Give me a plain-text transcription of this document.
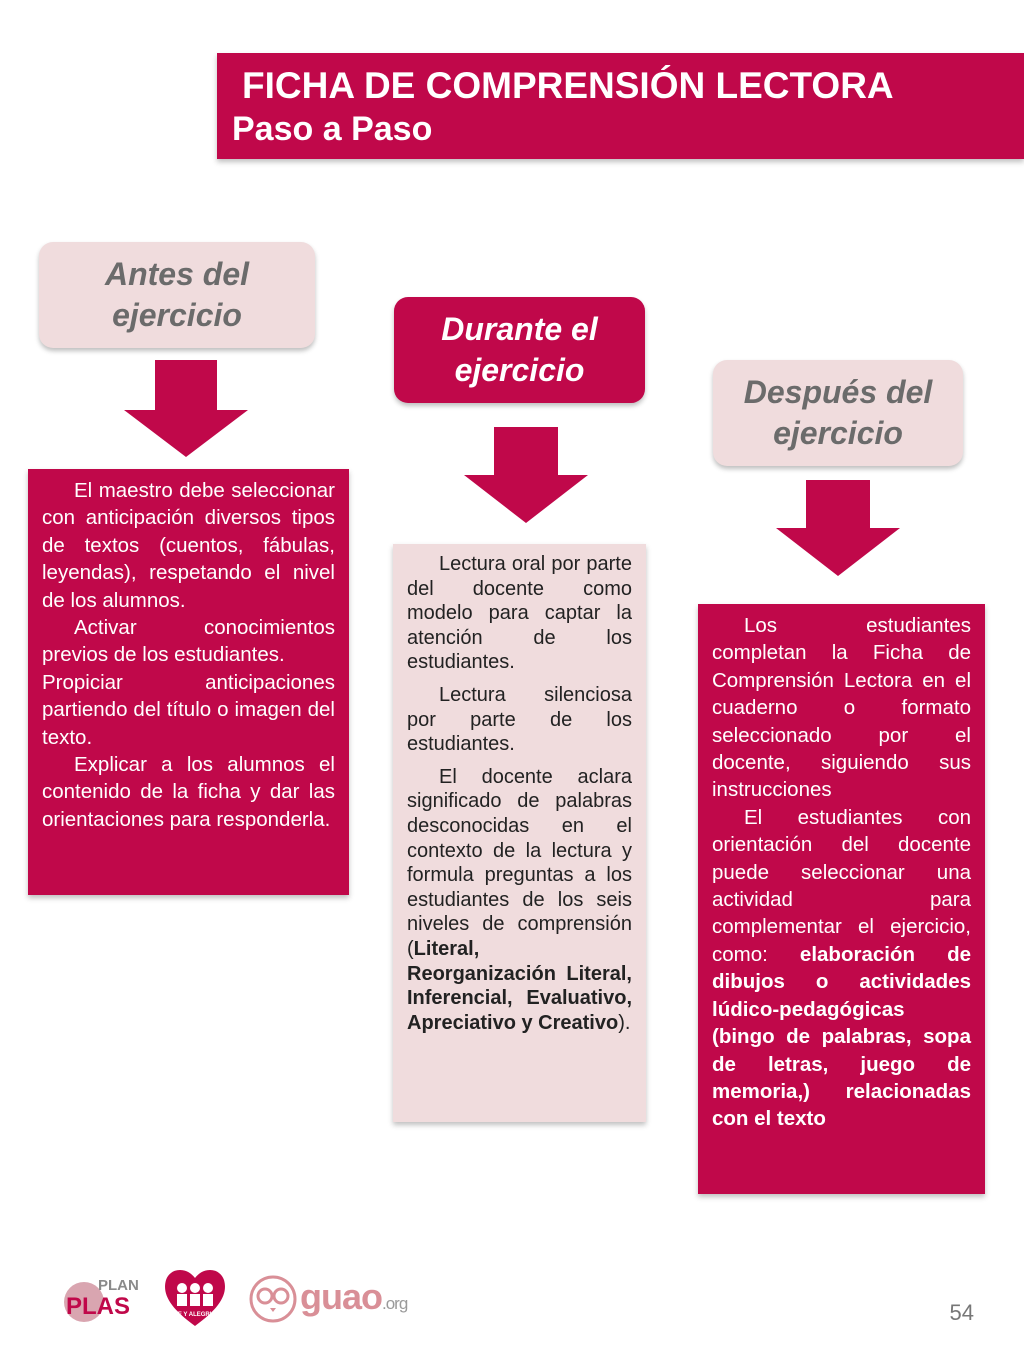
FICHA DE COMPRENSIÓN LECTORA
Paso a Paso
Antes del
ejercicio

El maestro debe seleccionar con anticipación diversos tipos de textos (cuentos, fábulas, leyendas), respetando el nivel de los alumnos.

Activar conocimientos previos de los estudiantes.

Propiciar anticipaciones partiendo del título o imagen del texto.

Explicar a los alumnos el contenido de la ficha y dar las orientaciones para responderla.

Durante el
ejercicio

Lectura oral por parte del docente como modelo para captar la atención de los estudiantes.

Lectura silenciosa por parte de los estudiantes.

El docente aclara significado de palabras desconocidas en el contexto de la lectura y formula preguntas a los estudiantes de los seis niveles de comprensión (Literal, Reorganización Literal, Inferencial, Evaluativo, Apreciativo y Creativo).

Después del
ejercicio

Los estudiantes completan la Ficha de Comprensión Lectora en el cuaderno o formato seleccionado por el docente, siguiendo sus instrucciones

El estudiantes con orientación del docente puede seleccionar una actividad para complementar el ejercicio, como: elaboración de dibujos o actividades lúdico-pedagógicas (bingo de palabras, sopa de letras, juego de memoria,) relacionadas con el texto

PLAN
PLAS	FE Y ALEGRIA guao.org	54
